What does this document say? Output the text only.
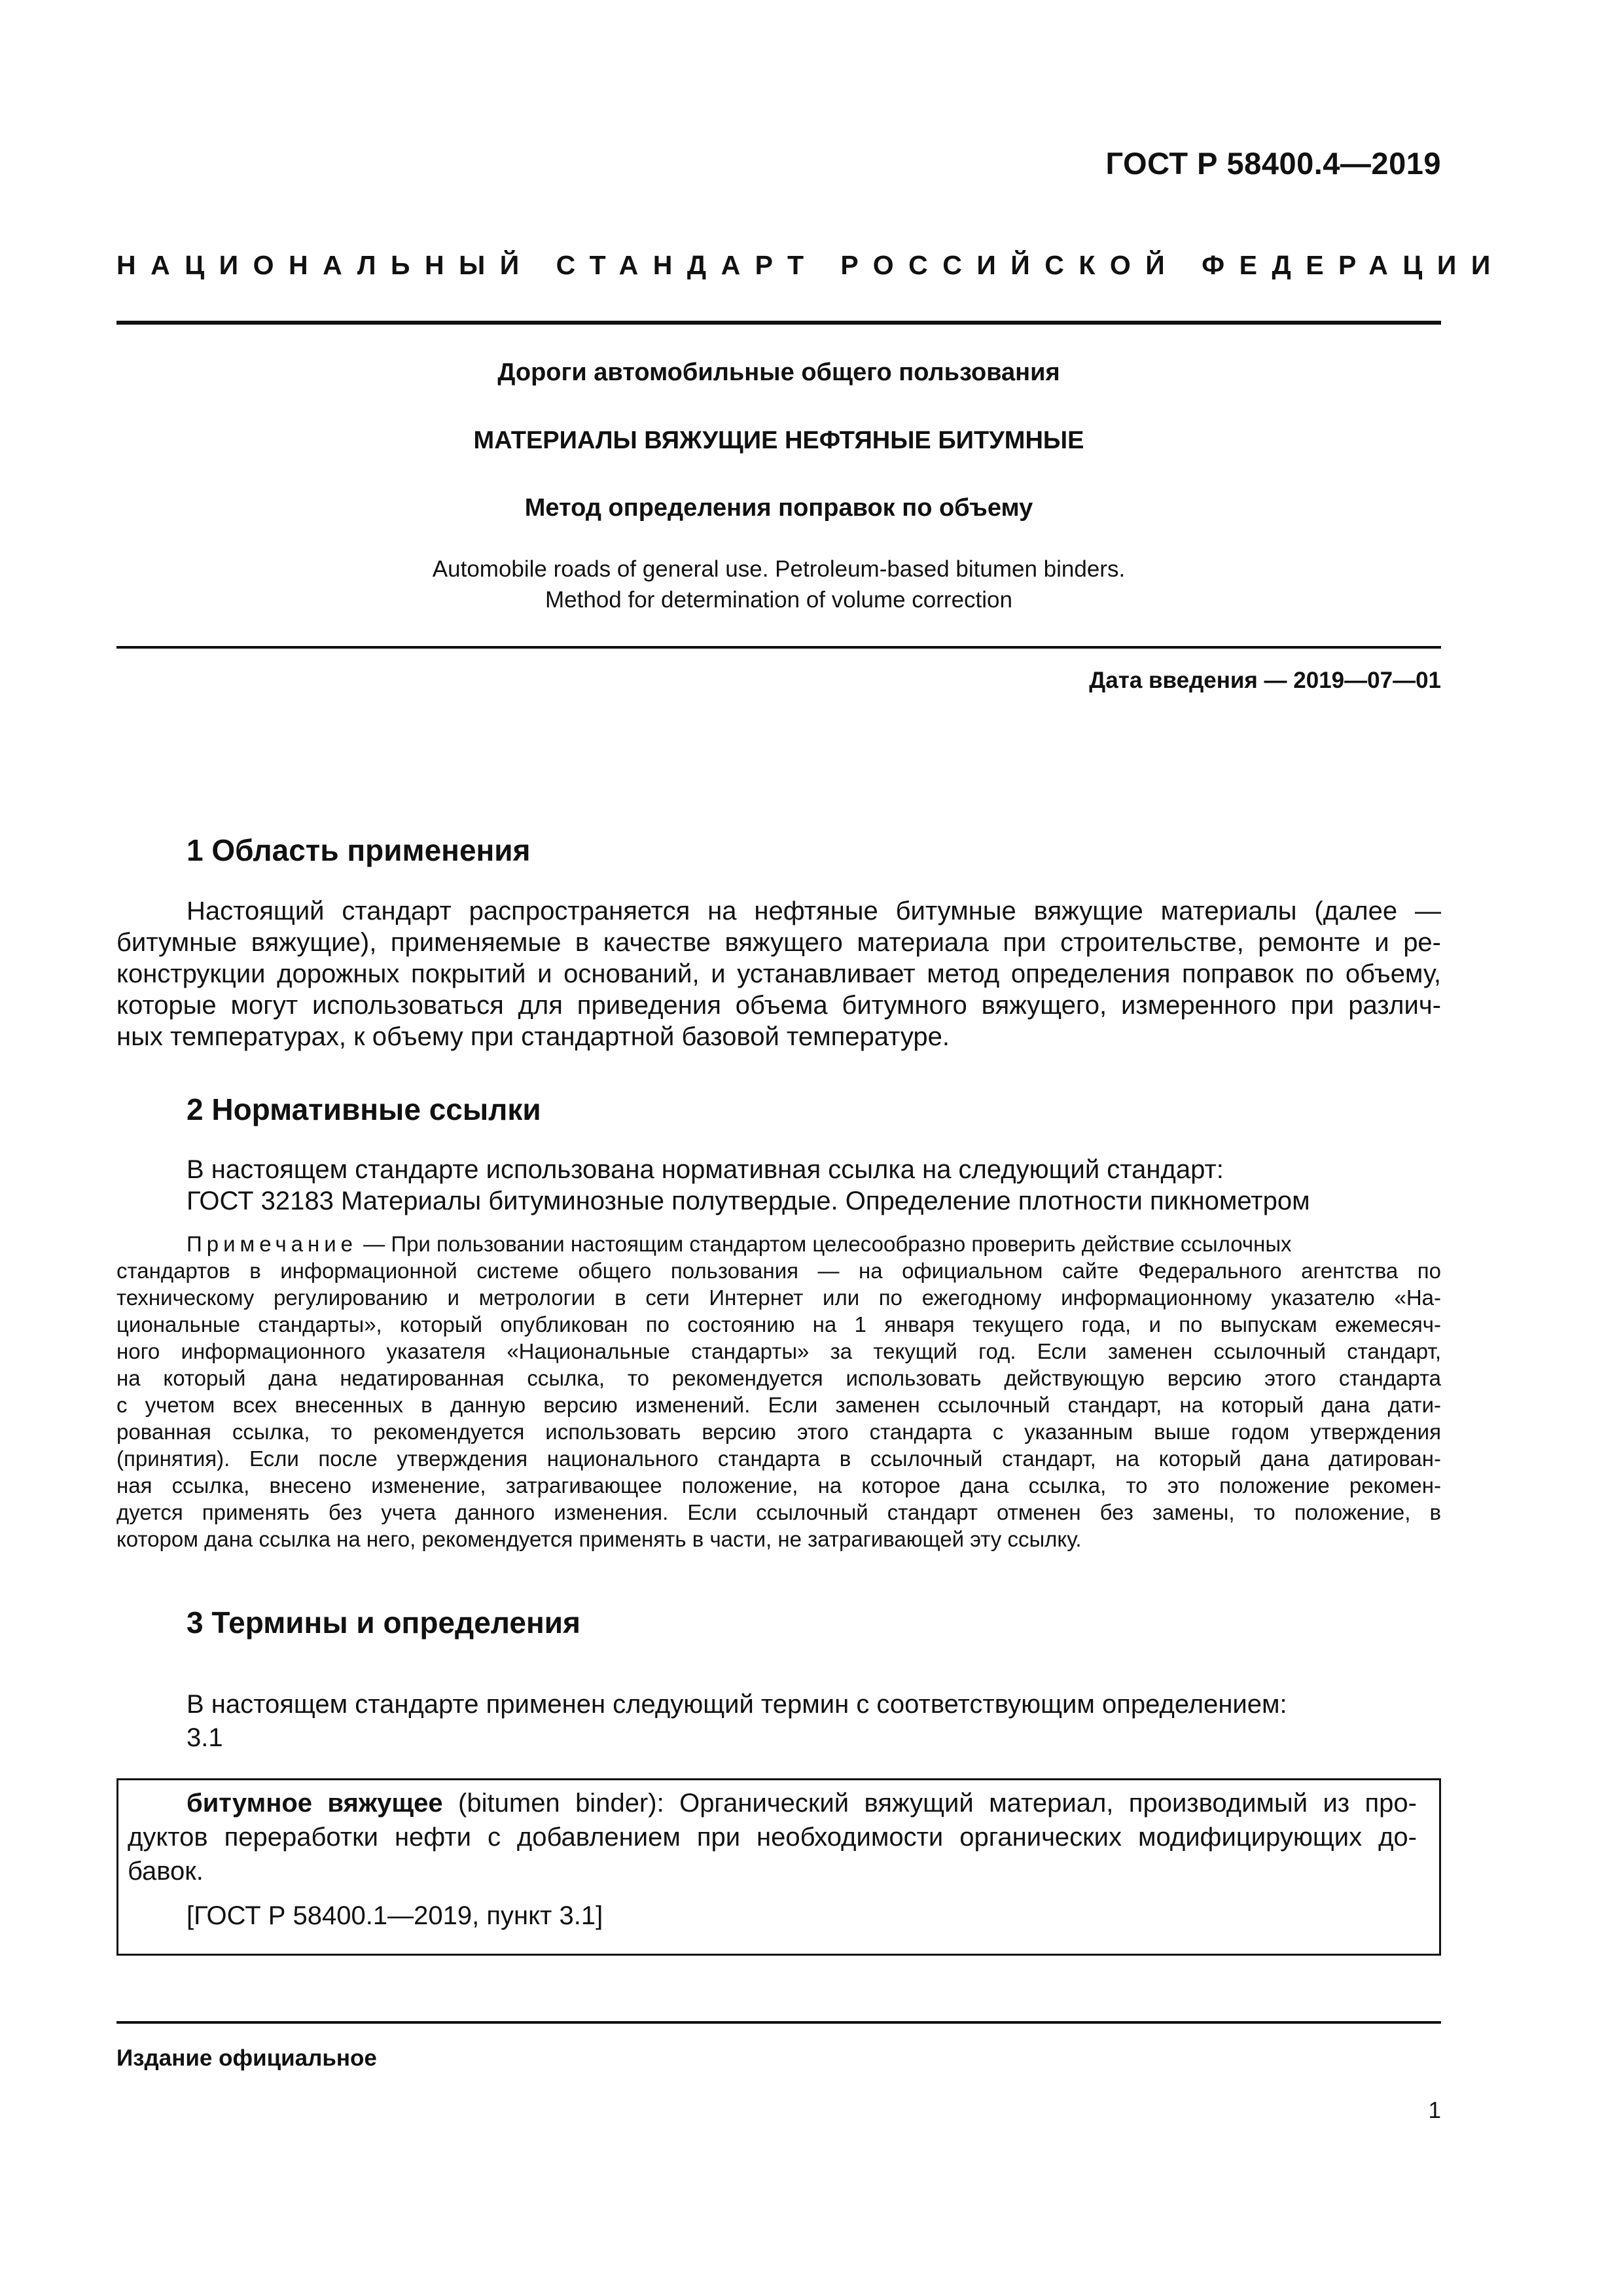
ГОСТ Р 58400.4—2019
НАЦИОНАЛЬНЫЙ СТАНДАРТ РОССИЙСКОЙ ФЕДЕРАЦИИ
Дороги автомобильные общего пользования
МАТЕРИАЛЫ ВЯЖУЩИЕ НЕФТЯНЫЕ БИТУМНЫЕ
Метод определения поправок по объему
Automobile roads of general use. Petroleum-based bitumen binders.
Method for determination of volume correction
Дата введения — 2019—07—01
1 Область применения
Настоящий стандарт распространяется на нефтяные битумные вяжущие материалы (далее —
битумные вяжущие), применяемые в качестве вяжущего материала при строительстве, ремонте и ре-
конструкции дорожных покрытий и оснований, и устанавливает метод определения поправок по объему,
которые могут использоваться для приведения объема битумного вяжущего, измеренного при различ-
ных температурах, к объему при стандартной базовой температуре.
2 Нормативные ссылки
В настоящем стандарте использована нормативная ссылка на следующий стандарт:
ГОСТ 32183 Материалы битуминозные полутвердые. Определение плотности пикнометром
Примечание — При пользовании настоящим стандартом целесообразно проверить действие ссылочных
стандартов в информационной системе общего пользования — на официальном сайте Федерального агентства по
техническому регулированию и метрологии в сети Интернет или по ежегодному информационному указателю «На-
циональные стандарты», который опубликован по состоянию на 1 января текущего года, и по выпускам ежемесяч-
ного информационного указателя «Национальные стандарты» за текущий год. Если заменен ссылочный стандарт,
на который дана недатированная ссылка, то рекомендуется использовать действующую версию этого стандарта
с учетом всех внесенных в данную версию изменений. Если заменен ссылочный стандарт, на который дана дати-
рованная ссылка, то рекомендуется использовать версию этого стандарта с указанным выше годом утверждения
(принятия). Если после утверждения национального стандарта в ссылочный стандарт, на который дана датирован-
ная ссылка, внесено изменение, затрагивающее положение, на которое дана ссылка, то это положение рекомен-
дуется применять без учета данного изменения. Если ссылочный стандарт отменен без замены, то положение, в
котором дана ссылка на него, рекомендуется применять в части, не затрагивающей эту ссылку.
3 Термины и определения
В настоящем стандарте применен следующий термин с соответствующим определением:
3.1
битумное вяжущее (bitumen binder): Органический вяжущий материал, производимый из про-
дуктов переработки нефти с добавлением при необходимости органических модифицирующих до-
бавок.
[ГОСТ Р 58400.1—2019, пункт 3.1]
Издание официальное
1
